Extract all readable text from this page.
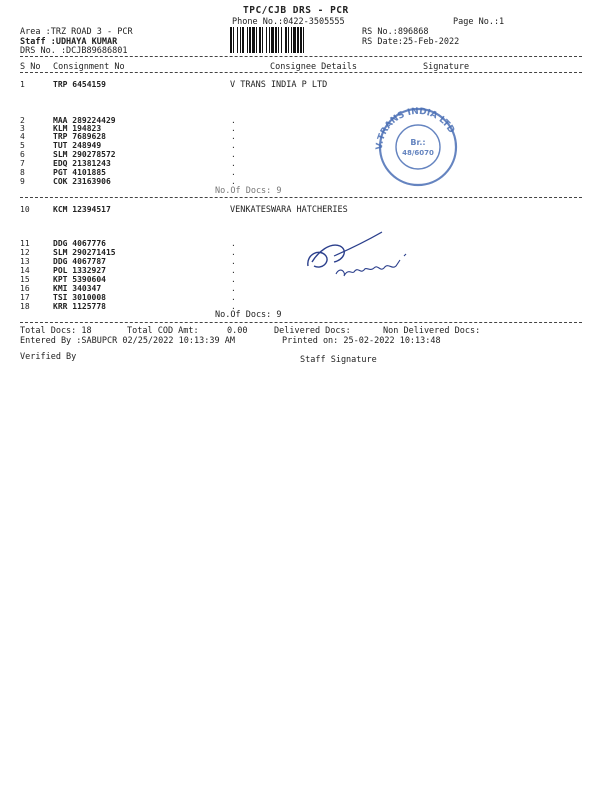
TPC/CJB DRS - PCR
Phone No.:0422-3505555	Page No.:1
Area :TRZ ROAD 3 - PCR
Staff :UDHAYA KUMAR
DRS No. :DCJB89686801
RS No.:896868
RS Date:25-Feb-2022
S No Consignment No	Consignee Details	Signature
1	TRP 6454159	V TRANS INDIA P LTD
2	MAA 289224429	.
3	KLM 194823	.
4	TRP 7689628	.
5	TUT 248949	.
6	SLM 290278572	.
7	EDQ 21381243	.
8	PGT 4101885	.
9	COK 23163906	.
No.Of Docs: 9
10	KCM 12394517	VENKATESWARA HATCHERIES
11	DDG 4067776	.
12	SLM 290271415	.
13	DDG 4067787	.
14	POL 1332927	.
15	KPT 5390604	.
16	KMI 340347	.
17	TSI 3010008	.
18	KRR 1125778	.
No.Of Docs: 9
Total Docs: 18	Total COD Amt:	0.00	Delivered Docs:	Non Delivered Docs:
Entered By :SABUPCR 02/25/2022 10:13:39 AM	Printed on: 25-02-2022 10:13:48
Verified By	Staff Signature
V.TRANS INDIA LTD
Br.:
48/6070
